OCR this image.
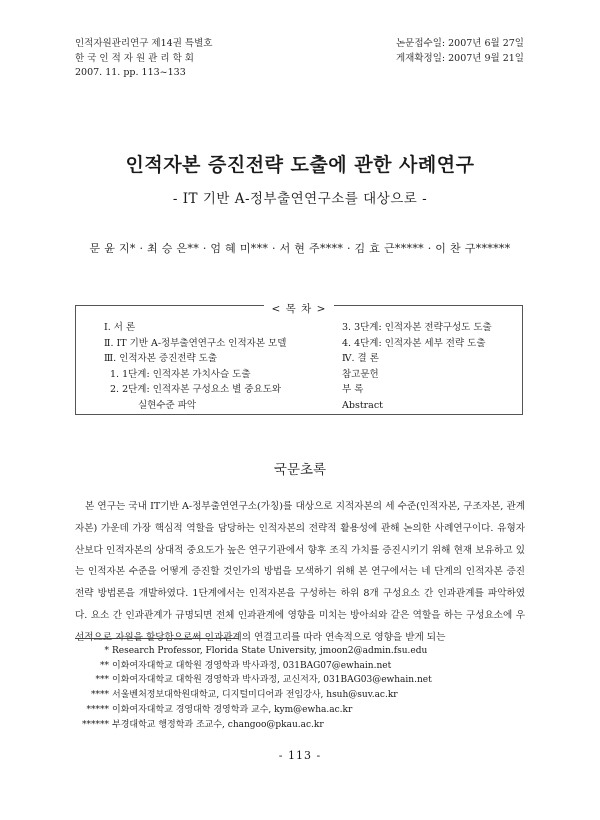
인적자원관리연구 제14권 특별호
한 국 인 적 자 원 관 리 학 회
2007. 11. pp. 113~133
논문접수일: 2007년 6월 27일
게재확정일: 2007년 9월 21일
인적자본 증진전략 도출에 관한 사례연구
- IT 기반 A-정부출연연구소를 대상으로 -
문 윤 지* · 최 승 은** · 엄 혜 미*** · 서 현 주**** · 김 효 근***** · 이 찬 구******
< 목 차 >
Ⅰ. 서 론
Ⅱ. IT 기반 A-정부출연연구소 인적자본 모델
Ⅲ. 인적자본 증진전략 도출
1. 1단계: 인적자본 가치사슬 도출
2. 2단계: 인적자본 구성요소 별 중요도와
실현수준 파악
3. 3단계: 인적자본 전략구성도 도출
4. 4단계: 인적자본 세부 전략 도출
Ⅳ. 결 론
참고문헌
부 록
Abstract
국문초록

본 연구는 국내 IT기반 A-정부출연연구소(가칭)를 대상으로 지적자본의 세 수준(인적자본, 구조자본, 관계자본) 가운데 가장 핵심적 역할을 담당하는 인적자본의 전략적 활용성에 관해 논의한 사례연구이다. 유형자산보다 인적자본의 상대적 중요도가 높은 연구기관에서 향후 조직 가치를 증진시키기 위해 현재 보유하고 있는 인적자본 수준을 어떻게 증진할 것인가의 방법을 모색하기 위해 본 연구에서는 네 단계의 인적자본 증진전략 방법론을 개발하였다. 1단계에서는 인적자본을 구성하는 하위 8개 구성요소 간 인과관계를 파악하였다. 요소 간 인과관계가 규명되면 전체 인과관계에 영향을 미치는 방아쇠와 같은 역할을 하는 구성요소에 우선적으로 자원을 할당함으로써 인과관계의 연결고리를 따라 연속적으로 영향을 받게 되는

* Research Professor, Florida State University, jmoon2@admin.fsu.edu
** 이화여자대학교 대학원 경영학과 박사과정, 031BAG07@ewhain.net
*** 이화여자대학교 대학원 경영학과 박사과정, 교신저자, 031BAG03@ewhain.net
**** 서울벤처정보대학원대학교, 디지털미디어과 전임강사, hsuh@suv.ac.kr
***** 이화여자대학교 경영대학 경영학과 교수, kym@ewha.ac.kr
****** 부경대학교 행정학과 조교수, changoo@pkau.ac.kr
- 113 -
